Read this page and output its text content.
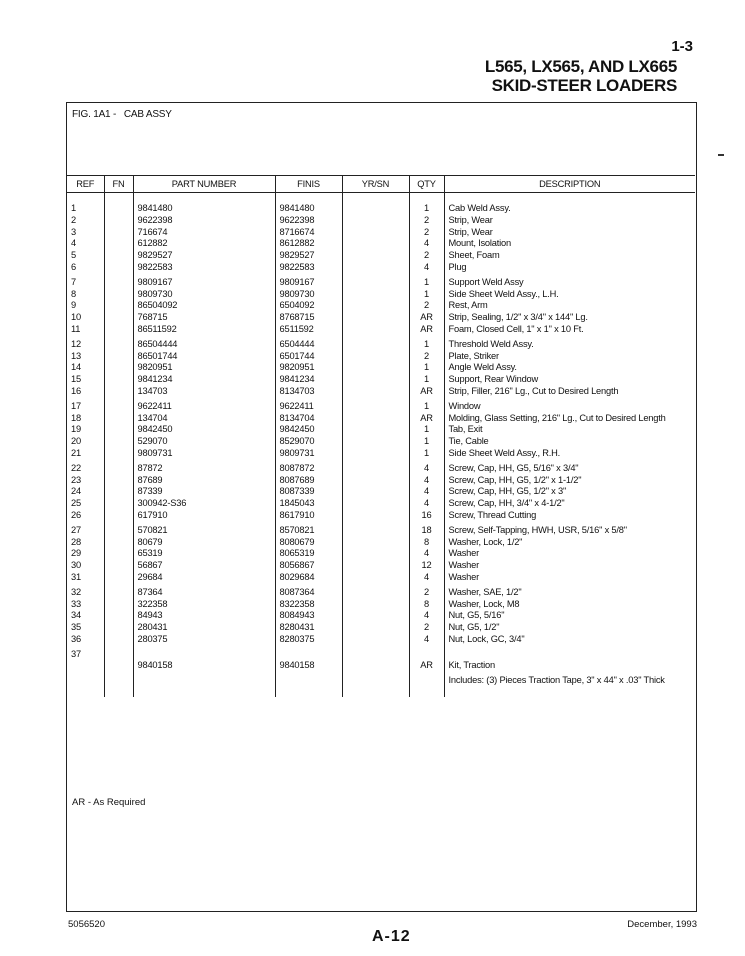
1-3
L565, LX565, AND LX665
SKID-STEER LOADERS
FIG. 1A1 - CAB ASSY
REF	FN	PART NUMBER	FINIS	YR/SN	QTY	DESCRIPTION
1		9841480	9841480		1	Cab Weld Assy.
2		9622398	9622398		2	Strip, Wear
3		716674	8716674		2	Strip, Wear
4		612882	8612882		4	Mount, Isolation
5		9829527	9829527		2	Sheet, Foam
6		9822583	9822583		4	Plug
7		9809167	9809167		1	Support Weld Assy
8		9809730	9809730		1	Side Sheet Weld Assy., L.H.
9		86504092	6504092		2	Rest, Arm
10		768715	8768715		AR	Strip, Sealing, 1/2" x 3/4" x 144" Lg.
11		86511592	6511592		AR	Foam, Closed Cell, 1" x 1" x 10 Ft.
12		86504444	6504444		1	Threshold Weld Assy.
13		86501744	6501744		2	Plate, Striker
14		9820951	9820951		1	Angle Weld Assy.
15		9841234	9841234		1	Support, Rear Window
16		134703	8134703		AR	Strip, Filler, 216" Lg., Cut to Desired Length
17		9622411	9622411		1	Window
18		134704	8134704		AR	Molding, Glass Setting, 216" Lg., Cut to Desired Length
19		9842450	9842450		1	Tab, Exit
20		529070	8529070		1	Tie, Cable
21		9809731	9809731		1	Side Sheet Weld Assy., R.H.
22		87872	8087872		4	Screw, Cap, HH, G5, 5/16" x 3/4"
23		87689	8087689		4	Screw, Cap, HH, G5, 1/2" x 1-1/2"
24		87339	8087339		4	Screw, Cap, HH, G5, 1/2" x 3"
25		300942-S36	1845043		4	Screw, Cap, HH, 3/4" x 4-1/2"
26		617910	8617910		16	Screw, Thread Cutting
27		570821	8570821		18	Screw, Self-Tapping, HWH, USR, 5/16" x 5/8"
28		80679	8080679		8	Washer, Lock, 1/2"
29		65319	8065319		4	Washer
30		56867	8056867		12	Washer
31		29684	8029684		4	Washer
32		87364	8087364		2	Washer, SAE, 1/2"
33		322358	8322358		8	Washer, Lock, M8
34		84943	8084943		4	Nut, G5, 5/16"
35		280431	8280431		2	Nut, G5, 1/2"
36		280375	8280375		4	Nut, Lock, GC, 3/4"
37						
		9840158	9840158		AR	Kit, Traction
						Includes: (3) Pieces Traction Tape, 3" x 44" x .03" Thick

AR - As Required
5056520
A-12
December, 1993
